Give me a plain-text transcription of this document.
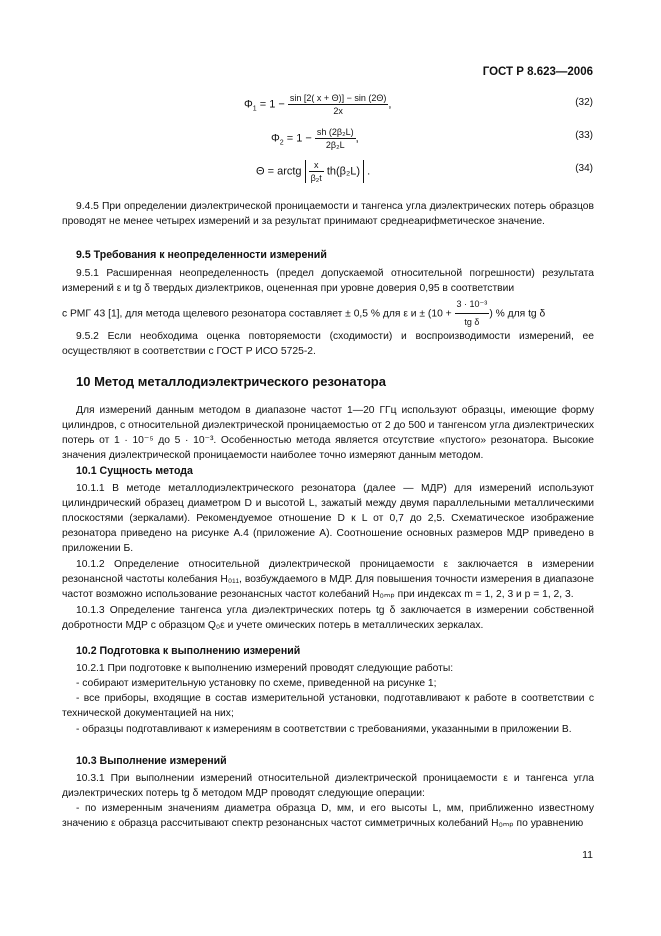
ГОСТ Р 8.623—2006
$\Phi_1 = 1 - \frac{\sin [2( x + \Theta)] - \sin (2\Theta)}{2x}$ ,	(32)
$\Phi_2 = 1 - \frac{\text{sh (2β₂L)}}{\text{2β₂L}}$ ,	(33)
Θ = arctg $\frac{x}{\text{β₂t}} th(\beta_2L)$ .	(34)
9.4.5 При определении диэлектрической проницаемости и тангенса угла диэлектрических потерь образцов проводят не менее четырех измерений и за результат принимают среднеарифметическое значение.
9.5 Требования к неопределенности измерений
9.5.1 Расширенная неопределенность (предел допускаемой относительной погрешности) результата измерений ε и tg δ твердых диэлектриков, оцененная при уровне доверия 0,95 в соответствии
с РМГ 43 [1], для метода щелевого резонатора составляет ± 0,5 % для ε $и \pm (10 + \frac{\text{3 · 10⁻³}}{\text{tg δ}}$ ) % для tg δ
9.5.2 Если необходима оценка повторяемости (сходимости) и воспроизводимости измерений, ее осуществляют в соответствии с ГОСТ Р ИСО 5725-2.
10 Метод металлодиэлектрического резонатора
Для измерений данным методом в диапазоне частот 1—20 ГГц используют образцы, имеющие форму цилиндров, с относительной диэлектрической проницаемостью от 2 до 500 и тангенсом угла диэлектрических потерь от 1 · 10⁻⁵ до 5 · 10⁻³. Особенностью метода является отсутствие «пустого» резонатора. Высокие значения диэлектрической проницаемости наиболее точно измеряют данным методом.
10.1 Сущность метода
10.1.1 В методе металлодиэлектрического резонатора (далее — МДР) для измерений используют цилиндрический образец диаметром D и высотой L, зажатый между двумя параллельными металлическими плоскостями (зеркалами). Рекомендуемое отношение D к L от 0,7 до 2,5. Схематическое изображение резонатора приведено на рисунке А.4 (приложение А). Соотношение основных размеров МДР приведено в приложении Б.
10.1.2 Определение относительной диэлектрической проницаемости ε заключается в измерении резонансной частоты колебания H₀₁₁, возбуждаемого в МДР. Для повышения точности измерения в диапазоне частот возможно использование резонансных частот колебаний H₀ₘₚ при индексах m = 1, 2, 3 и p = 1, 2, 3.
10.1.3 Определение тангенса угла диэлектрических потерь tg δ заключается в измерении собственной добротности МДР с образцом Q₀ε и учете омических потерь в металлических зеркалах.
10.2 Подготовка к выполнению измерений
10.2.1 При подготовке к выполнению измерений проводят следующие работы:
- собирают измерительную установку по схеме, приведенной на рисунке 1;
- все приборы, входящие в состав измерительной установки, подготавливают к работе в соответствии с технической документацией на них;
- образцы подготавливают к измерениям в соответствии с требованиями, указанными в приложении В.
10.3 Выполнение измерений
10.3.1 При выполнении измерений относительной диэлектрической проницаемости ε и тангенса угла диэлектрических потерь tg δ методом МДР проводят следующие операции:
- по измеренным значениям диаметра образца D, мм, и его высоты L, мм, приближенно известному значению ε образца рассчитывают спектр резонансных частот симметричных колебаний H₀ₘₚ по уравнению
11
